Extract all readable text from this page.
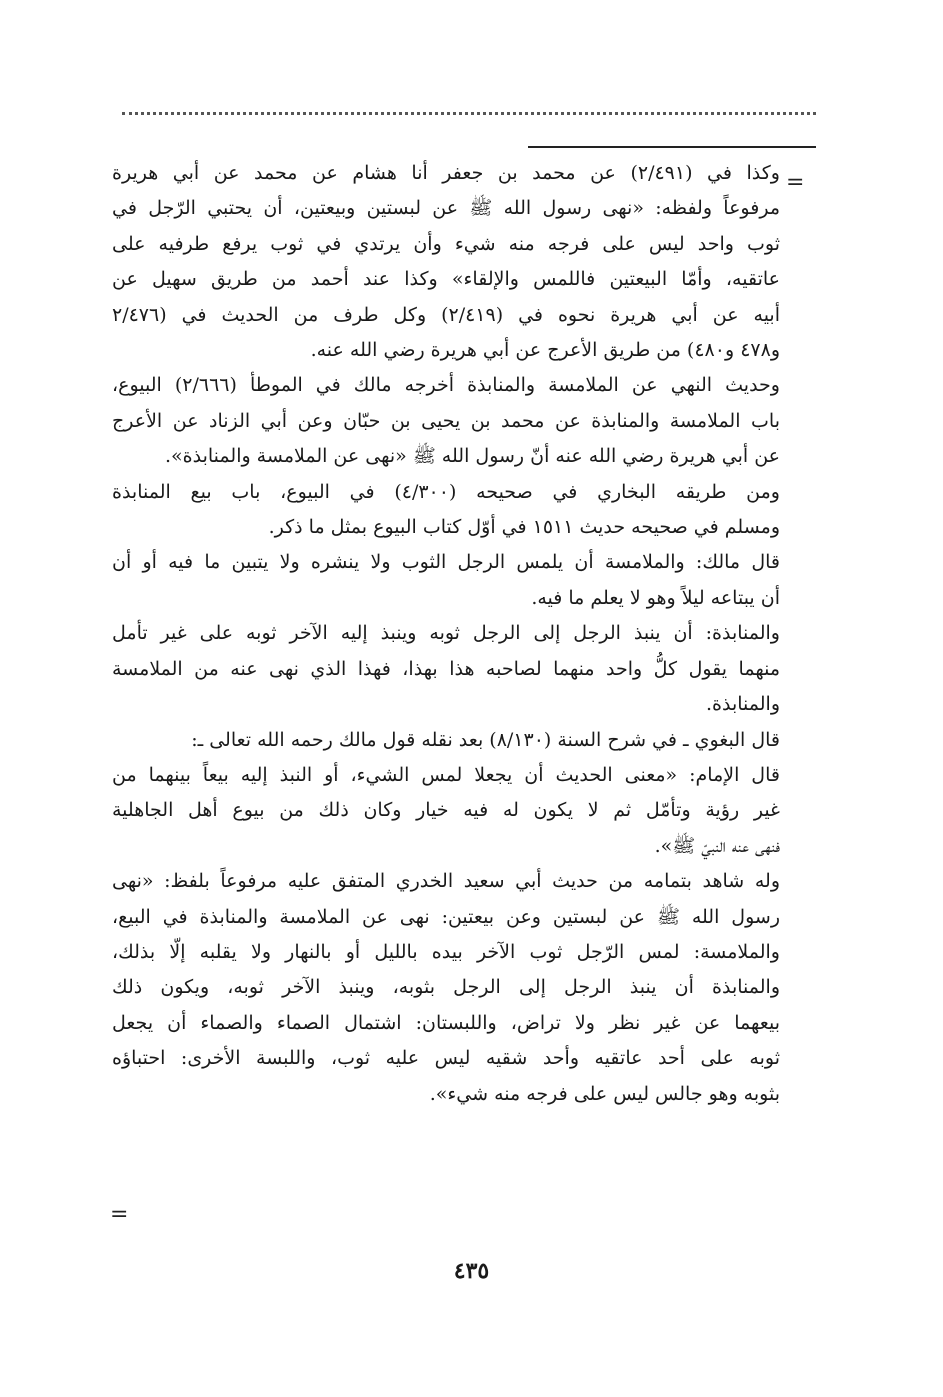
=
=
وكذا في (٢/٤٩١) عن محمد بن جعفر أنا هشام عن محمد عن أبي هريرة
مرفوعاً ولفظه: «نهى رسول الله ﷺ عن لبستين وبيعتين، أن يحتبي الرّجل في
ثوب واحد ليس على فرجه منه شيء وأن يرتدي في ثوب يرفع طرفيه على
عاتقيه، وأمّا البيعتين فاللمس والإلقاء» وكذا عند أحمد من طريق سهيل عن
أبيه عن أبي هريرة نحوه في (٢/٤١٩) وكل طرف من الحديث في (٢/٤٧٦
و٤٧٨ و٤٨٠) من طريق الأعرج عن أبي هريرة رضي الله عنه.
وحديث النهي عن الملامسة والمنابذة أخرجه مالك في الموطأ (٢/٦٦٦) البيوع،
باب الملامسة والمنابذة عن محمد بن يحيى بن حبّان وعن أبي الزناد عن الأعرج
عن أبي هريرة رضي الله عنه أنّ رسول الله ﷺ «نهى عن الملامسة والمنابذة».
ومن طريقه البخاري في صحيحه (٤/٣٠٠) في البيوع، باب بيع المنابذة
ومسلم في صحيحه حديث ١٥١١ في أوّل كتاب البيوع بمثل ما ذكر.
قال مالك: والملامسة أن يلمس الرجل الثوب ولا ينشره ولا يتبين ما فيه أو أن
أن يبتاعه ليلاً وهو لا يعلم ما فيه.
والمنابذة: أن ينبذ الرجل إلى الرجل ثوبه وينبذ إليه الآخر ثوبه على غير تأمل
منهما يقول كلُّ واحد منهما لصاحبه هذا بهذا، فهذا الذي نهى عنه من الملامسة
والمنابذة.
قال البغوي ـ في شرح السنة (٨/١٣٠) بعد نقله قول مالك رحمه الله تعالى ـ:
قال الإمام: «معنى الحديث أن يجعلا لمس الشيء، أو النبذ إليه بيعاً بينهما من
غير رؤية وتأمّل ثم لا يكون له فيه خيار وكان ذلك من بيوع أهل الجاهلية
فنهى عنه النبيّ ﷺ».
وله شاهد بتمامه من حديث أبي سعيد الخدري المتفق عليه مرفوعاً بلفظ: «نهى
رسول الله ﷺ عن لبستين وعن بيعتين: نهى عن الملامسة والمنابذة في البيع،
والملامسة: لمس الرّجل ثوب الآخر بيده بالليل أو بالنهار ولا يقلبه إلّا بذلك،
والمنابذة أن ينبذ الرجل إلى الرجل بثوبه، وينبذ الآخر ثوبه، ويكون ذلك
بيعهما عن غير نظر ولا تراض، واللبستان: اشتمال الصماء والصماء أن يجعل
ثوبه على أحد عاتقيه وأحد شقيه ليس عليه ثوب، واللبسة الأخرى: احتباؤه
بثوبه وهو جالس ليس على فرجه منه شيء».
٤٣٥
